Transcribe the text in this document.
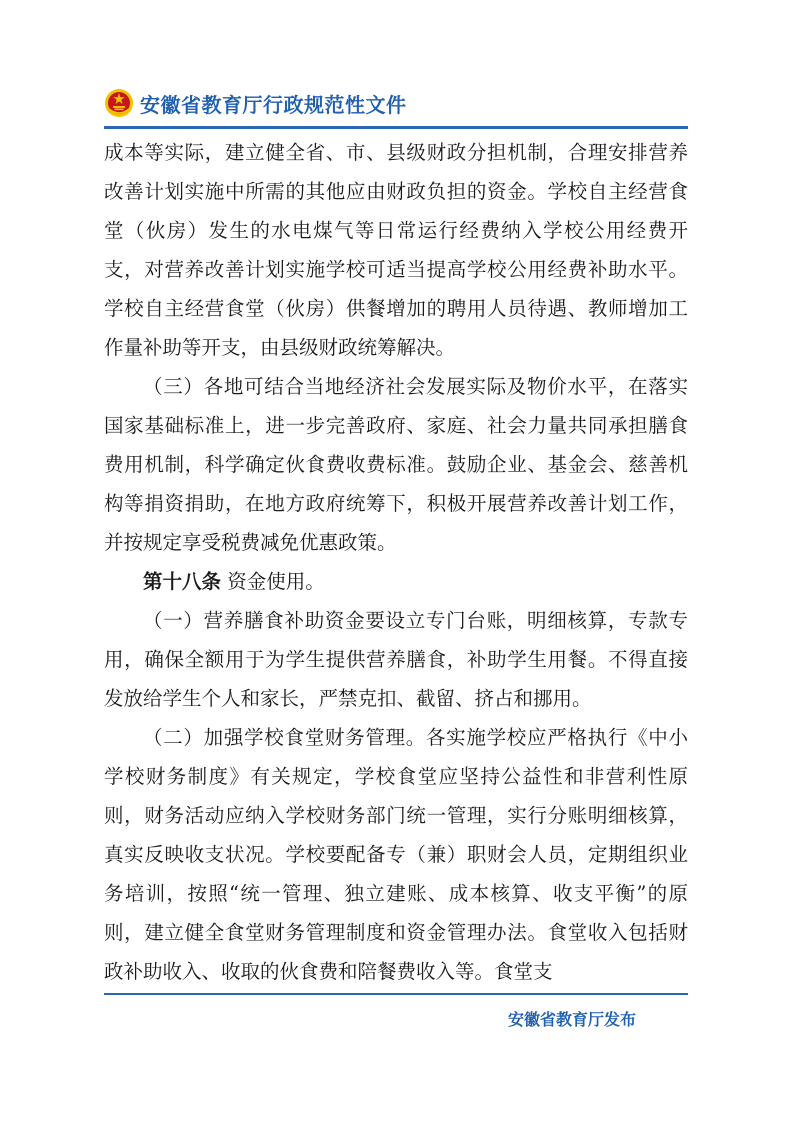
安徽省教育厅行政规范性文件

成本等实际，建立健全省、市、县级财政分担机制，合理安排营养改善计划实施中所需的其他应由财政负担的资金。学校自主经营食堂（伙房）发生的水电煤气等日常运行经费纳入学校公用经费开支，对营养改善计划实施学校可适当提高学校公用经费补助水平。学校自主经营食堂（伙房）供餐增加的聘用人员待遇、教师增加工作量补助等开支，由县级财政统筹解决。

（三）各地可结合当地经济社会发展实际及物价水平，在落实国家基础标准上，进一步完善政府、家庭、社会力量共同承担膳食费用机制，科学确定伙食费收费标准。鼓励企业、基金会、慈善机构等捐资捐助，在地方政府统筹下，积极开展营养改善计划工作，并按规定享受税费减免优惠政策。

第十八条 资金使用。

（一）营养膳食补助资金要设立专门台账，明细核算，专款专用，确保全额用于为学生提供营养膳食，补助学生用餐。不得直接发放给学生个人和家长，严禁克扣、截留、挤占和挪用。

（二）加强学校食堂财务管理。各实施学校应严格执行《中小学校财务制度》有关规定，学校食堂应坚持公益性和非营利性原则，财务活动应纳入学校财务部门统一管理，实行分账明细核算，真实反映收支状况。学校要配备专（兼）职财会人员，定期组织业务培训，按照“统一管理、独立建账、成本核算、收支平衡”的原则，建立健全食堂财务管理制度和资金管理办法。食堂收入包括财政补助收入、收取的伙食费和陪餐费收入等。食堂支

安徽省教育厅发布
